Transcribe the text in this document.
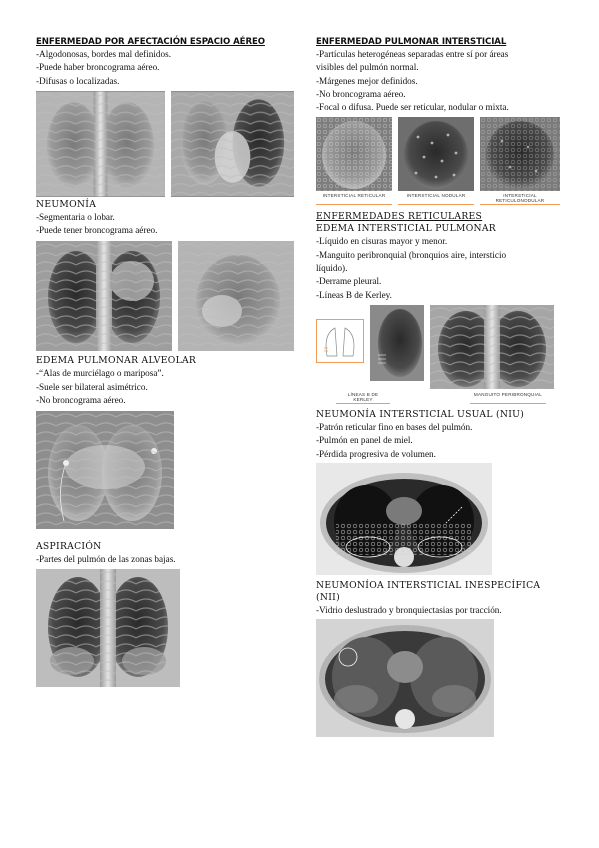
ENFERMEDAD POR AFECTACIÓN ESPACIO AÉREO

-Algodonosas, bordes mal definidos.
-Puede haber broncograma aéreo.
-Difusas o localizadas.

NEUMONÍA

-Segmentaria o lobar.
-Puede tener broncograma aéreo.

EDEMA PULMONAR ALVEOLAR

-“Alas de murciélago o mariposa”.
-Suele ser bilateral asimétrico.
-No broncograma aéreo.

ASPIRACIÓN

-Partes del pulmón de las zonas bajas.

ENFERMEDAD PULMONAR INTERSTICIAL

-Partículas heterogéneas separadas entre sí por áreas
visibles del pulmón normal.
-Márgenes mejor definidos.
-No broncograma aéreo.
-Focal o difusa. Puede ser reticular, nodular o mixta.
INTERSTICIAL RETICULAR	INTERSTICIAL NODULAR	INTERSTICIAL RETICULONODULAR

ENFERMEDADES RETICULARES

EDEMA INTERSTICIAL PULMONAR

-Líquido en cisuras mayor y menor.
-Manguito peribronquial (bronquios aire, intersticio
líquido).
-Derrame pleural.
-Líneas B de Kerley.
LÍNEAS B DE KERLEY
MANGUITO PERIBRONQUIAL

NEUMONÍA INTERSTICIAL USUAL (NIU)

-Patrón reticular fino en bases del pulmón.
-Pulmón en panel de miel.
-Pérdida progresiva de volumen.

NEUMONÍOA INTERSTICIAL INESPECÍFICA

(NII)

-Vidrio deslustrado y bronquiectasias por tracción.
